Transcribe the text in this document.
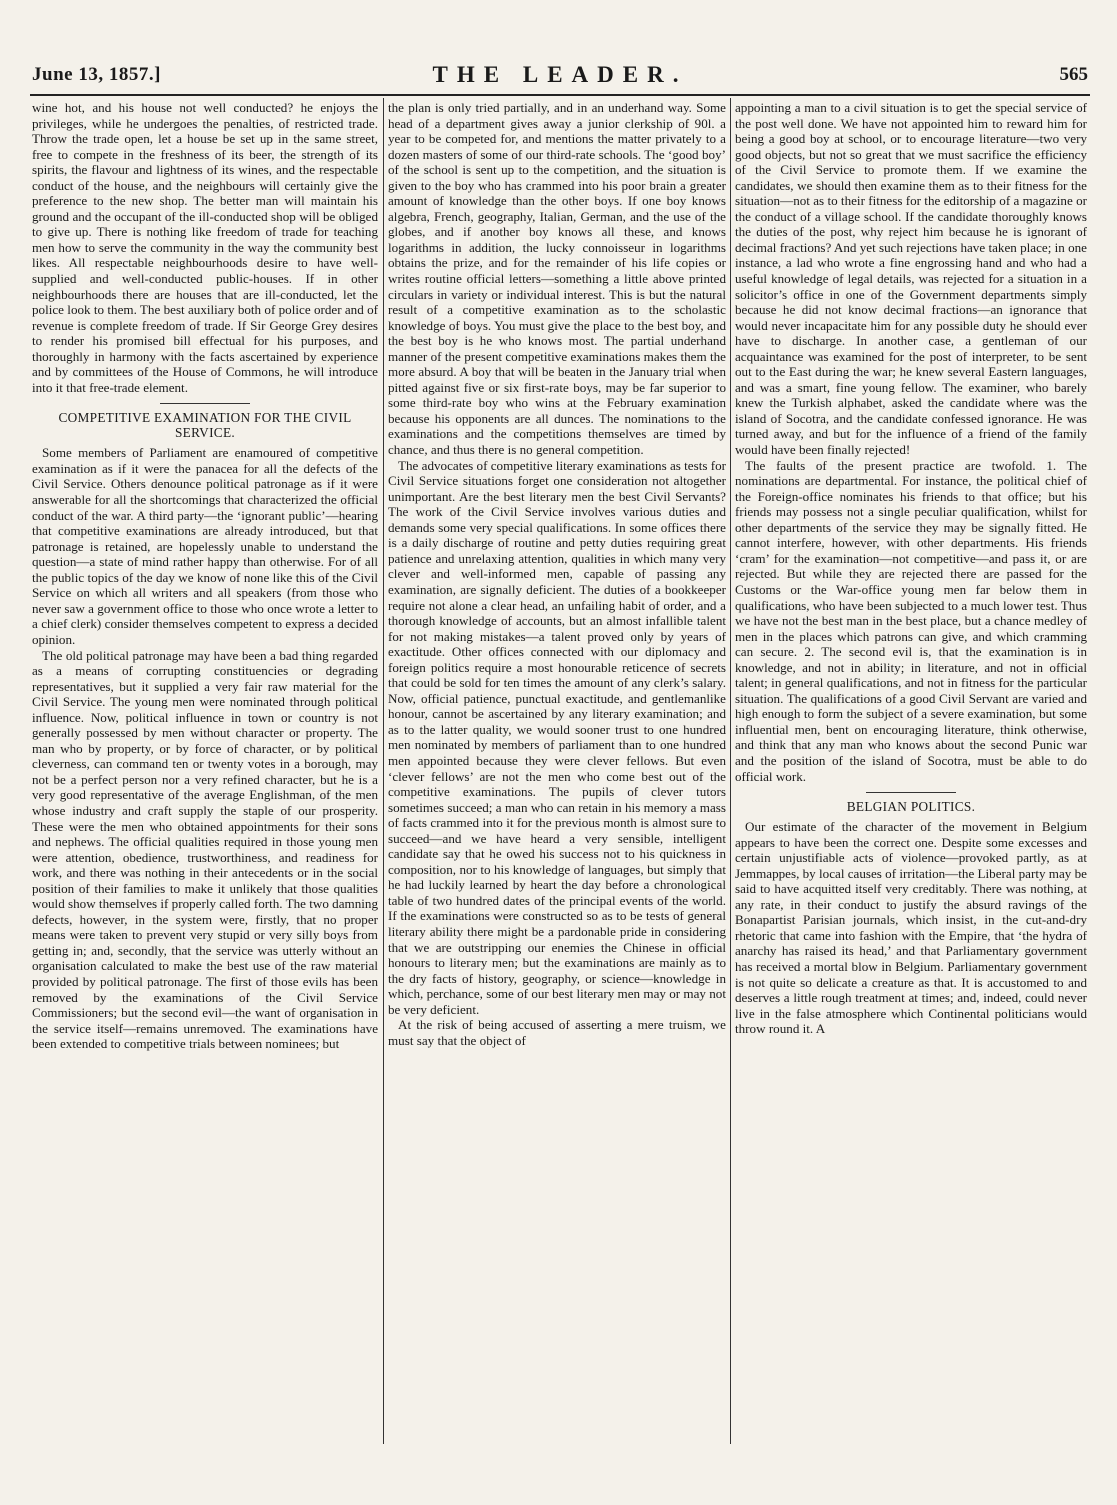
June 13, 1857.]	THE LEADER.	565

wine hot, and his house not well conducted? he enjoys the privileges, while he undergoes the penalties, of restricted trade. Throw the trade open, let a house be set up in the same street, free to compete in the freshness of its beer, the strength of its spirits, the flavour and lightness of its wines, and the respectable conduct of the house, and the neighbours will certainly give the preference to the new shop. The better man will maintain his ground and the occupant of the ill-conducted shop will be obliged to give up. There is nothing like freedom of trade for teaching men how to serve the community in the way the community best likes. All respectable neighbourhoods desire to have well-supplied and well-conducted public-houses. If in other neighbourhoods there are houses that are ill-conducted, let the police look to them. The best auxiliary both of police order and of revenue is complete freedom of trade. If Sir George Grey desires to render his promised bill effectual for his purposes, and thoroughly in harmony with the facts ascertained by experience and by committees of the House of Commons, he will introduce into it that free-trade element.

COMPETITIVE EXAMINATION FOR THE CIVIL SERVICE.

Some members of Parliament are enamoured of competitive examination as if it were the panacea for all the defects of the Civil Service. Others denounce political patronage as if it were answerable for all the shortcomings that characterized the official conduct of the war. A third party—the ‘ignorant public’—hearing that competitive examinations are already introduced, but that patronage is retained, are hopelessly unable to understand the question—a state of mind rather happy than otherwise. For of all the public topics of the day we know of none like this of the Civil Service on which all writers and all speakers (from those who never saw a government office to those who once wrote a letter to a chief clerk) consider themselves competent to express a decided opinion.

The old political patronage may have been a bad thing regarded as a means of corrupting constituencies or degrading representatives, but it supplied a very fair raw material for the Civil Service. The young men were nominated through political influence. Now, political influence in town or country is not generally possessed by men without character or property. The man who by property, or by force of character, or by political cleverness, can command ten or twenty votes in a borough, may not be a perfect person nor a very refined character, but he is a very good representative of the average Englishman, of the men whose industry and craft supply the staple of our prosperity. These were the men who obtained appointments for their sons and nephews. The official qualities required in those young men were attention, obedience, trustworthiness, and readiness for work, and there was nothing in their antecedents or in the social position of their families to make it unlikely that those qualities would show themselves if properly called forth. The two damning defects, however, in the system were, firstly, that no proper means were taken to prevent very stupid or very silly boys from getting in; and, secondly, that the service was utterly without an organisation calculated to make the best use of the raw material provided by political patronage. The first of those evils has been removed by the examinations of the Civil Service Commissioners; but the second evil—the want of organisation in the service itself—remains unremoved. The examinations have been extended to competitive trials between nominees; but

the plan is only tried partially, and in an underhand way. Some head of a department gives away a junior clerkship of 90l. a year to be competed for, and mentions the matter privately to a dozen masters of some of our third-rate schools. The ‘good boy’ of the school is sent up to the competition, and the situation is given to the boy who has crammed into his poor brain a greater amount of knowledge than the other boys. If one boy knows algebra, French, geography, Italian, German, and the use of the globes, and if another boy knows all these, and knows logarithms in addition, the lucky connoisseur in logarithms obtains the prize, and for the remainder of his life copies or writes routine official letters—something a little above printed circulars in variety or individual interest. This is but the natural result of a competitive examination as to the scholastic knowledge of boys. You must give the place to the best boy, and the best boy is he who knows most. The partial underhand manner of the present competitive examinations makes them the more absurd. A boy that will be beaten in the January trial when pitted against five or six first-rate boys, may be far superior to some third-rate boy who wins at the February examination because his opponents are all dunces. The nominations to the examinations and the competitions themselves are timed by chance, and thus there is no general competition.

The advocates of competitive literary examinations as tests for Civil Service situations forget one consideration not altogether unimportant. Are the best literary men the best Civil Servants? The work of the Civil Service involves various duties and demands some very special qualifications. In some offices there is a daily discharge of routine and petty duties requiring great patience and unrelaxing attention, qualities in which many very clever and well-informed men, capable of passing any examination, are signally deficient. The duties of a bookkeeper require not alone a clear head, an unfailing habit of order, and a thorough knowledge of accounts, but an almost infallible talent for not making mistakes—a talent proved only by years of exactitude. Other offices connected with our diplomacy and foreign politics require a most honourable reticence of secrets that could be sold for ten times the amount of any clerk’s salary. Now, official patience, punctual exactitude, and gentlemanlike honour, cannot be ascertained by any literary examination; and as to the latter quality, we would sooner trust to one hundred men nominated by members of parliament than to one hundred men appointed because they were clever fellows. But even ‘clever fellows’ are not the men who come best out of the competitive examinations. The pupils of clever tutors sometimes succeed; a man who can retain in his memory a mass of facts crammed into it for the previous month is almost sure to succeed—and we have heard a very sensible, intelligent candidate say that he owed his success not to his quickness in composition, nor to his knowledge of languages, but simply that he had luckily learned by heart the day before a chronological table of two hundred dates of the principal events of the world. If the examinations were constructed so as to be tests of general literary ability there might be a pardonable pride in considering that we are outstripping our enemies the Chinese in official honours to literary men; but the examinations are mainly as to the dry facts of history, geography, or science—knowledge in which, perchance, some of our best literary men may or may not be very deficient.

At the risk of being accused of asserting a mere truism, we must say that the object of

appointing a man to a civil situation is to get the special service of the post well done. We have not appointed him to reward him for being a good boy at school, or to encourage literature—two very good objects, but not so great that we must sacrifice the efficiency of the Civil Service to promote them. If we examine the candidates, we should then examine them as to their fitness for the situation—not as to their fitness for the editorship of a magazine or the conduct of a village school. If the candidate thoroughly knows the duties of the post, why reject him because he is ignorant of decimal fractions? And yet such rejections have taken place; in one instance, a lad who wrote a fine engrossing hand and who had a useful knowledge of legal details, was rejected for a situation in a solicitor’s office in one of the Government departments simply because he did not know decimal fractions—an ignorance that would never incapacitate him for any possible duty he should ever have to discharge. In another case, a gentleman of our acquaintance was examined for the post of interpreter, to be sent out to the East during the war; he knew several Eastern languages, and was a smart, fine young fellow. The examiner, who barely knew the Turkish alphabet, asked the candidate where was the island of Socotra, and the candidate confessed ignorance. He was turned away, and but for the influence of a friend of the family would have been finally rejected!

The faults of the present practice are twofold. 1. The nominations are departmental. For instance, the political chief of the Foreign-office nominates his friends to that office; but his friends may possess not a single peculiar qualification, whilst for other departments of the service they may be signally fitted. He cannot interfere, however, with other departments. His friends ‘cram’ for the examination—not competitive—and pass it, or are rejected. But while they are rejected there are passed for the Customs or the War-office young men far below them in qualifications, who have been subjected to a much lower test. Thus we have not the best man in the best place, but a chance medley of men in the places which patrons can give, and which cramming can secure. 2. The second evil is, that the examination is in knowledge, and not in ability; in literature, and not in official talent; in general qualifications, and not in fitness for the particular situation. The qualifications of a good Civil Servant are varied and high enough to form the subject of a severe examination, but some influential men, bent on encouraging literature, think otherwise, and think that any man who knows about the second Punic war and the position of the island of Socotra, must be able to do official work.

BELGIAN POLITICS.

Our estimate of the character of the movement in Belgium appears to have been the correct one. Despite some excesses and certain unjustifiable acts of violence—provoked partly, as at Jemmappes, by local causes of irritation—the Liberal party may be said to have acquitted itself very creditably. There was nothing, at any rate, in their conduct to justify the absurd ravings of the Bonapartist Parisian journals, which insist, in the cut-and-dry rhetoric that came into fashion with the Empire, that ‘the hydra of anarchy has raised its head,’ and that Parliamentary government has received a mortal blow in Belgium. Parliamentary government is not quite so delicate a creature as that. It is accustomed to and deserves a little rough treatment at times; and, indeed, could never live in the false atmosphere which Continental politicians would throw round it. A
